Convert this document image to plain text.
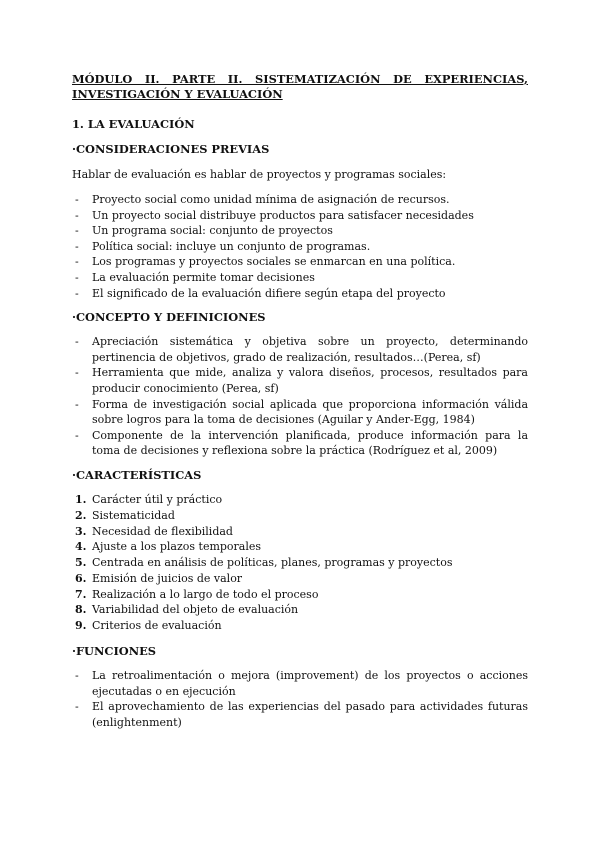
MÓDULO II. PARTE II. SISTEMATIZACIÓN DE EXPERIENCIAS,
INVESTIGACIÓN Y EVALUACIÓN
1. LA EVALUACIÓN
·CONSIDERACIONES PREVIAS

Hablar de evaluación es hablar de proyectos y programas sociales:

- Proyecto social como unidad mínima de asignación de recursos.
- Un proyecto social distribuye productos para satisfacer necesidades
- Un programa social: conjunto de proyectos
- Política social: incluye un conjunto de programas.
- Los programas y proyectos sociales se enmarcan en una política.
- La evaluación permite tomar decisiones
- El significado de la evaluación difiere según etapa del proyecto
·CONCEPTO Y DEFINICIONES
- Apreciación sistemática y objetiva sobre un proyecto, determinando pertinencia de objetivos, grado de realización, resultados…(Perea, sf)
- Herramienta que mide, analiza y valora diseños, procesos, resultados para producir conocimiento (Perea, sf)
- Forma de investigación social aplicada que proporciona información válida sobre logros para la toma de decisiones (Aguilar y Ander-Egg, 1984)
- Componente de la intervención planificada, produce información para la toma de decisiones y reflexiona sobre la práctica (Rodríguez et al, 2009)
·CARACTERÍSTICAS
1. Carácter útil y práctico
2. Sistematicidad
3. Necesidad de flexibilidad
4. Ajuste a los plazos temporales
5. Centrada en análisis de políticas, planes, programas y proyectos
6. Emisión de juicios de valor
7. Realización a lo largo de todo el proceso
8. Variabilidad del objeto de evaluación
9. Criterios de evaluación
·FUNCIONES
- La retroalimentación o mejora (improvement) de los proyectos o acciones ejecutadas o en ejecución
- El aprovechamiento de las experiencias del pasado para actividades futuras (enlightenment)
